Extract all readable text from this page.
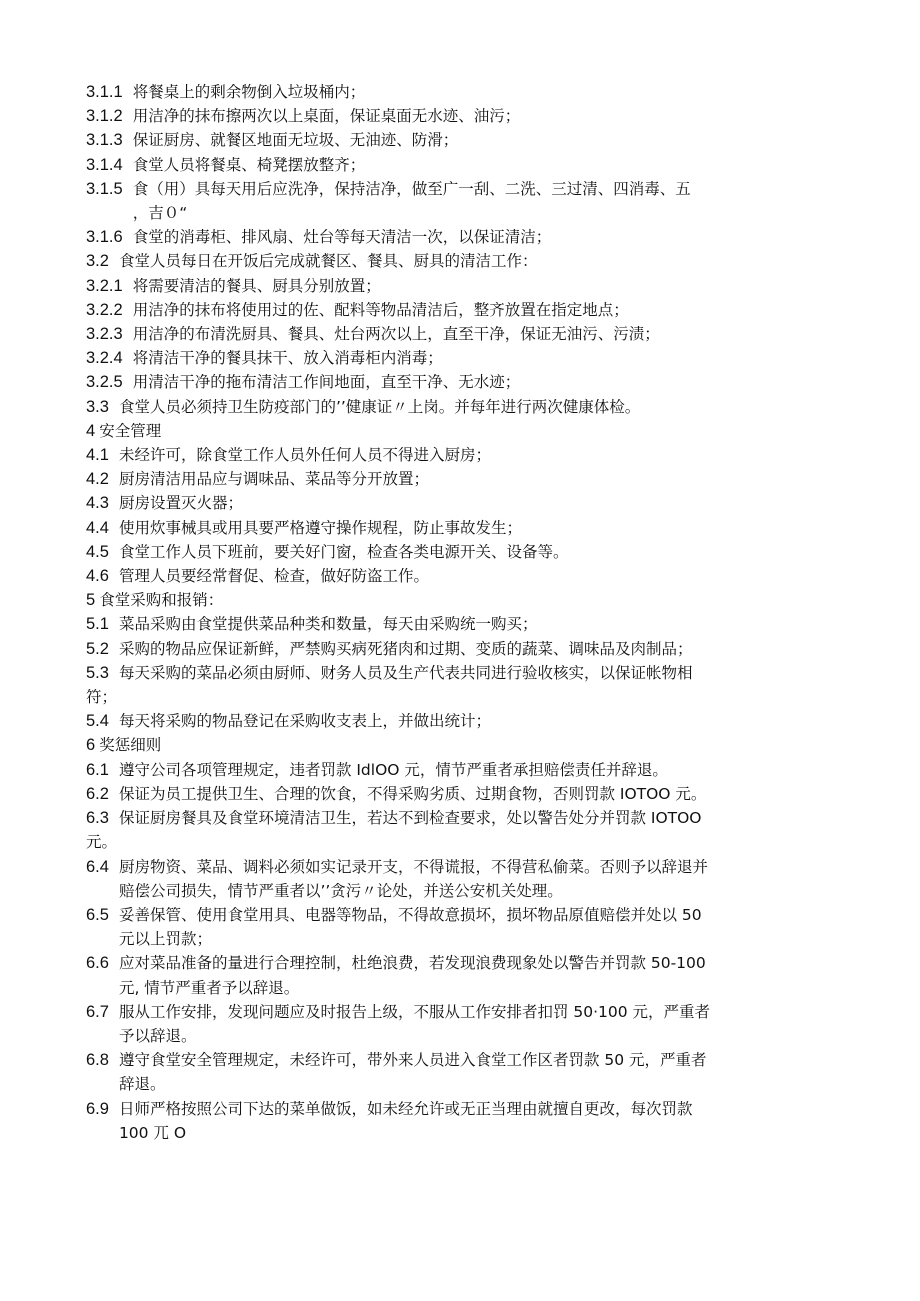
3.1.1 将餐桌上的剩余物倒入垃圾桶内；
3.1.2 用洁净的抹布擦两次以上桌面，保证桌面无水迹、油污；
3.1.3 保证厨房、就餐区地面无垃圾、无油迹、防滑；
3.1.4 食堂人员将餐桌、椅凳摆放整齐；
3.1.5 食（用）具每天用后应洗净，保持洁净，做至广一刮、二洗、三过清、四消毒、五
，吉０“
3.1.6 食堂的消毒柜、排风扇、灶台等每天清洁一次，以保证清洁；
3.2 食堂人员每日在开饭后完成就餐区、餐具、厨具的清洁工作：
3.2.1 将需要清洁的餐具、厨具分别放置；
3.2.2 用洁净的抹布将使用过的佐、配料等物品清洁后，整齐放置在指定地点；
3.2.3 用洁净的布清洗厨具、餐具、灶台两次以上，直至干净，保证无油污、污渍；
3.2.4 将清洁干净的餐具抹干、放入消毒柜内消毒；
3.2.5 用清洁干净的拖布清洁工作间地面，直至干净、无水迹；
3.3 食堂人员必须持卫生防疫部门的’’健康证〃上岗。并每年进行两次健康体检。
4 安全管理
4.1 未经许可，除食堂工作人员外任何人员不得进入厨房；
4.2 厨房清洁用品应与调味品、菜品等分开放置；
4.3 厨房设置灭火器；
4.4 使用炊事械具或用具要严格遵守操作规程，防止事故发生；
4.5 食堂工作人员下班前，要关好门窗，检查各类电源开关、设备等。
4.6 管理人员要经常督促、检查，做好防盗工作。
5 食堂采购和报销：
5.1 菜品采购由食堂提供菜品种类和数量，每天由采购统一购买；
5.2 采购的物品应保证新鲜，严禁购买病死猪肉和过期、变质的蔬菜、调味品及肉制品；
5.3 每天采购的菜品必须由厨师、财务人员及生产代表共同进行验收核实，以保证帐物相
符；
5.4 每天将采购的物品登记在采购收支表上，并做出统计；
6 奖惩细则
6.1 遵守公司各项管理规定，违者罚款 IdlOO 元，情节严重者承担赔偿责任并辞退。
6.2 保证为员工提供卫生、合理的饮食，不得采购劣质、过期食物，否则罚款 IOTOO 元。
6.3 保证厨房餐具及食堂环境清洁卫生，若达不到检查要求，处以警告处分并罚款 IOTOO
元。
6.4 厨房物资、菜品、调料必须如实记录开支，不得谎报，不得营私偷菜。否则予以辞退并
赔偿公司损失，情节严重者以’’贪污〃论处，并送公安机关处理。
6.5 妥善保管、使用食堂用具、电器等物品，不得故意损坏，损坏物品原值赔偿并处以 50
元以上罚款；
6.6 应对菜品准备的量进行合理控制，杜绝浪费，若发现浪费现象处以警告并罚款 50-100
元, 情节严重者予以辞退。
6.7 服从工作安排，发现问题应及时报告上级，不服从工作安排者扣罚 50·100 元，严重者
予以辞退。
6.8 遵守食堂安全管理规定，未经许可，带外来人员进入食堂工作区者罚款 50 元，严重者
辞退。
6.9 日师严格按照公司下达的菜单做饭，如未经允许或无正当理由就擅自更改，每次罚款
100 兀 O
